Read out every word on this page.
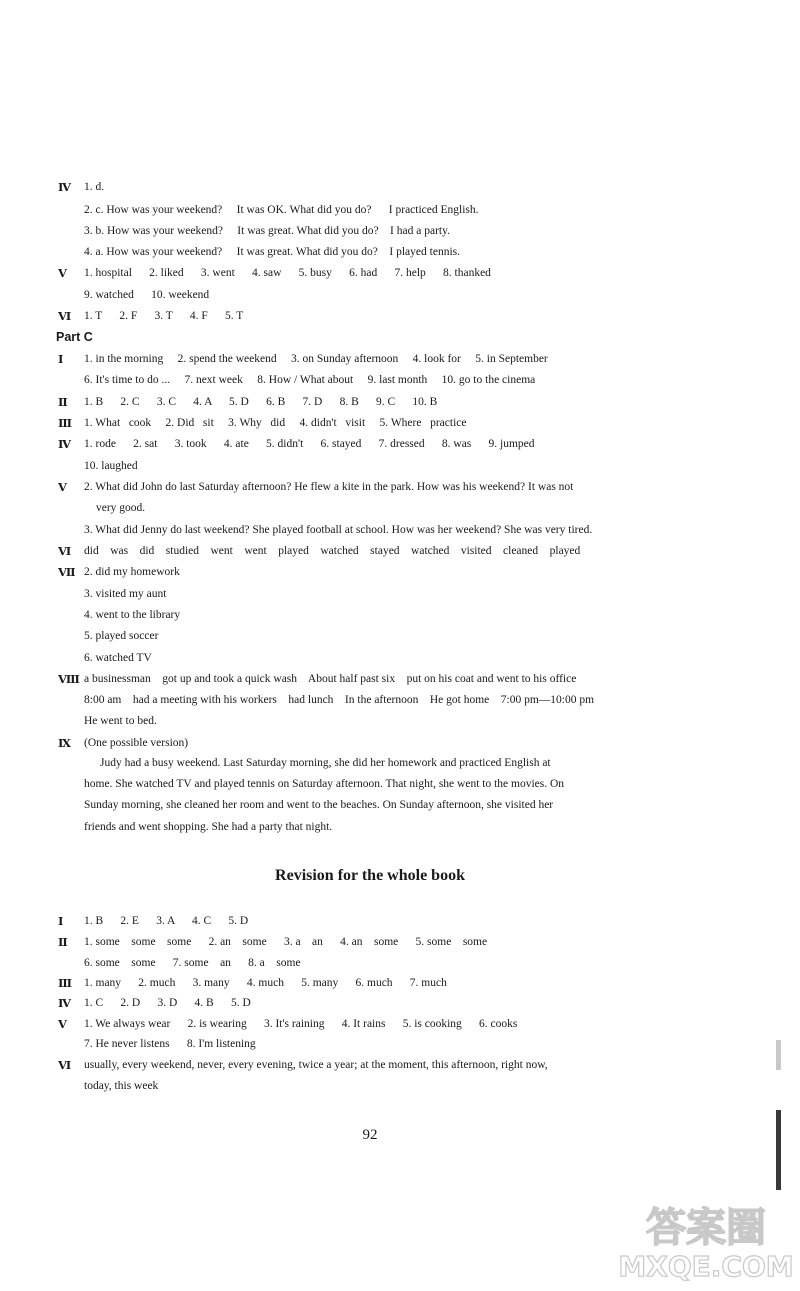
Ⅳ 1. d.
2. c. How was your weekend?     It was OK. What did you do?      I practiced English.
3. b. How was your weekend?     It was great. What did you do?    I had a party.
4. a. How was your weekend?     It was great. What did you do?    I played tennis.
Ⅴ 1. hospital      2. liked      3. went      4. saw      5. busy      6. had      7. help      8. thanked
9. watched      10. weekend
Ⅵ 1. T      2. F      3. T      4. F      5. T
Part C
Ⅰ 1. in the morning     2. spend the weekend     3. on Sunday afternoon     4. look for     5. in September
6. It's time to do ...     7. next week     8. How / What about     9. last month     10. go to the cinema
Ⅱ 1. B      2. C      3. C      4. A      5. D      6. B      7. D      8. B      9. C      10. B
Ⅲ 1. What   cook     2. Did   sit     3. Why   did     4. didn't   visit     5. Where   practice
Ⅳ 1. rode      2. sat      3. took      4. ate      5. didn't      6. stayed      7. dressed      8. was      9. jumped
10. laughed
Ⅴ 2. What did John do last Saturday afternoon? He flew a kite in the park. How was his weekend? It was not
very good.
3. What did Jenny do last weekend? She played football at school. How was her weekend? She was very tired.
Ⅵ did    was    did    studied    went    went    played    watched    stayed    watched    visited    cleaned    played
Ⅶ 2. did my homework
3. visited my aunt
4. went to the library
5. played soccer
6. watched TV
Ⅷ a businessman    got up and took a quick wash    About half past six    put on his coat and went to his office
8:00 am    had a meeting with his workers    had lunch    In the afternoon    He got home    7:00 pm—10:00 pm
He went to bed.
Ⅸ (One possible version)
Judy had a busy weekend. Last Saturday morning, she did her homework and practiced English at
home. She watched TV and played tennis on Saturday afternoon. That night, she went to the movies. On
Sunday morning, she cleaned her room and went to the beaches. On Sunday afternoon, she visited her
friends and went shopping. She had a party that night.
Revision for the whole book
Ⅰ 1. B      2. E      3. A      4. C      5. D
Ⅱ 1. some    some    some      2. an    some      3. a    an      4. an    some      5. some    some
6. some    some      7. some    an      8. a    some
Ⅲ 1. many      2. much      3. many      4. much      5. many      6. much      7. much
Ⅳ 1. C      2. D      3. D      4. B      5. D
Ⅴ 1. We always wear      2. is wearing      3. It's raining      4. It rains      5. is cooking      6. cooks
7. He never listens      8. I'm listening
Ⅵ usually, every weekend, never, every evening, twice a year; at the moment, this afternoon, right now,
today, this week
92
答案圈
MXQE.COM
